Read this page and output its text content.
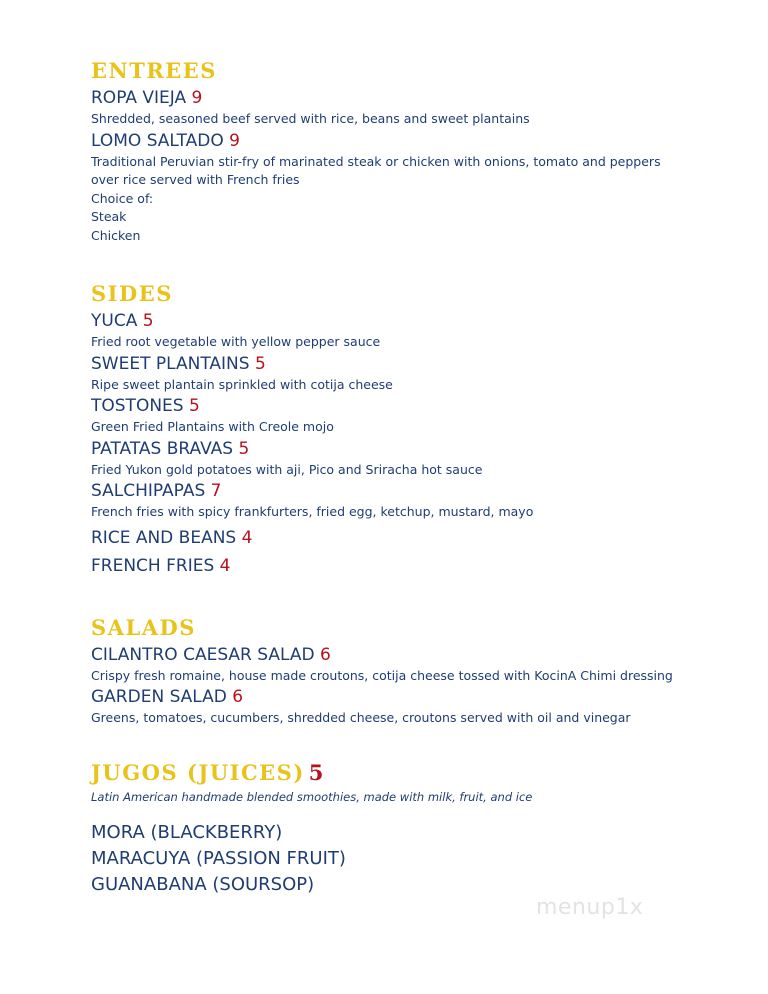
ENTREES
ROPA VIEJA 9
Shredded, seasoned beef served with rice, beans and sweet plantains
LOMO SALTADO 9
Traditional Peruvian stir-fry of marinated steak or chicken with onions, tomato and peppers over rice served with French fries
Choice of:
Steak
Chicken
SIDES
YUCA 5
Fried root vegetable with yellow pepper sauce
SWEET PLANTAINS 5
Ripe sweet plantain sprinkled with cotija cheese
TOSTONES 5
Green Fried Plantains with Creole mojo
PATATAS BRAVAS 5
Fried Yukon gold potatoes with aji, Pico and Sriracha hot sauce
SALCHIPAPAS 7
French fries with spicy frankfurters, fried egg, ketchup, mustard, mayo
RICE AND BEANS 4
FRENCH FRIES 4
SALADS
CILANTRO CAESAR SALAD 6
Crispy fresh romaine, house made croutons, cotija cheese tossed with KocinA Chimi dressing
GARDEN SALAD 6
Greens, tomatoes, cucumbers, shredded cheese, croutons served with oil and vinegar
JUGOS (JUICES) 5
Latin American handmade blended smoothies, made with milk, fruit, and ice
MORA (BLACKBERRY)
MARACUYA (PASSION FRUIT)
GUANABANA (SOURSOP)
menup1x
